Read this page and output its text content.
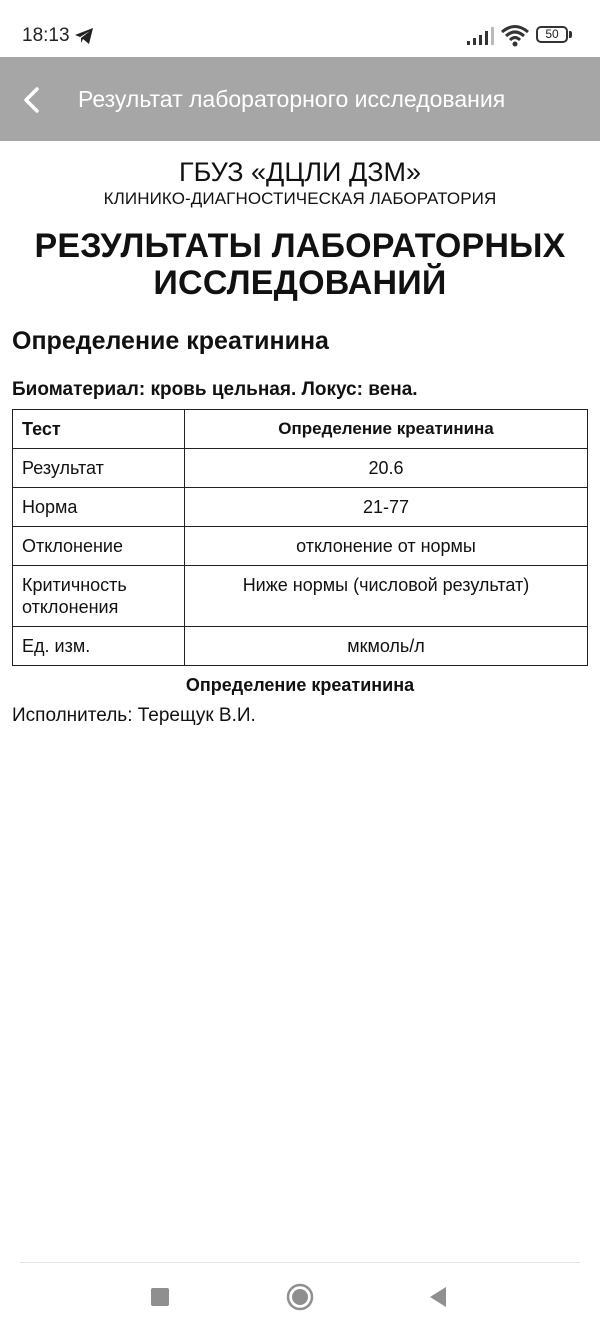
18:13	50
Результат лабораторного исследования
ГБУЗ «ДЦЛИ ДЗМ»
КЛИНИКО-ДИАГНОСТИЧЕСКАЯ ЛАБОРАТОРИЯ
РЕЗУЛЬТАТЫ ЛАБОРАТОРНЫХ ИССЛЕДОВАНИЙ
Определение креатинина
Биоматериал: кровь цельная. Локус: вена.
Тест	Определение креатинина
Результат	20.6
Норма	21-77
Отклонение	отклонение от нормы
Критичность отклонения	Ниже нормы (числовой результат)
Ед. изм.	мкмоль/л
Определение креатинина
Исполнитель: Терещук В.И.
